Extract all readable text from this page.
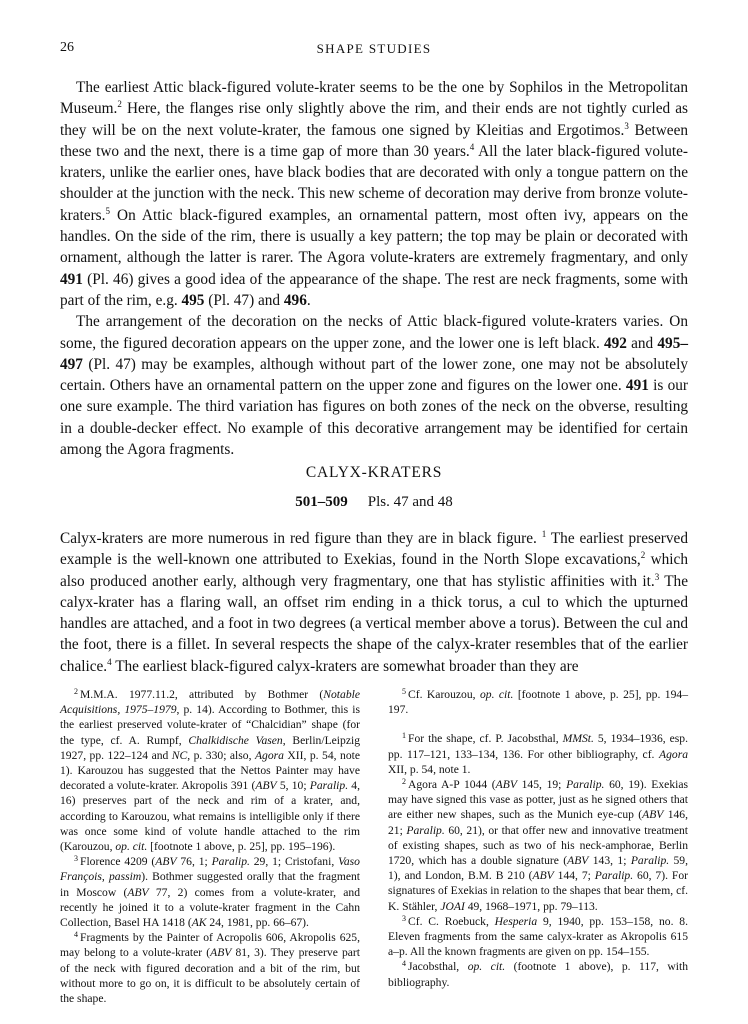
26	SHAPE STUDIES

The earliest Attic black-figured volute-krater seems to be the one by Sophilos in the Metropolitan Museum.$^2$ Here, the flanges rise only slightly above the rim, and their ends are not tightly curled as they will be on the next volute-krater, the famous one signed by Kleitias and Ergotimos.$^3$ Between these two and the next, there is a time gap of more than 30 years.$^4$ All the later black-figured volute-kraters, unlike the earlier ones, have black bodies that are decorated with only a tongue pattern on the shoulder at the junction with the neck. This new scheme of decoration may derive from bronze volute-kraters.$^5$ On Attic black-figured examples, an ornamental pattern, most often ivy, appears on the handles. On the side of the rim, there is usually a key pattern; the top may be plain or decorated with ornament, although the latter is rarer. The Agora volute-kraters are extremely fragmentary, and only 491 (Pl. 46) gives a good idea of the appearance of the shape. The rest are neck fragments, some with part of the rim, e.g. 495 (Pl. 47) and 496.

The arrangement of the decoration on the necks of Attic black-figured volute-kraters varies. On some, the figured decoration appears on the upper zone, and the lower one is left black. 492 and 495–497 (Pl. 47) may be examples, although without part of the lower zone, one may not be absolutely certain. Others have an ornamental pattern on the upper zone and figures on the lower one. 491 is our one sure example. The third variation has figures on both zones of the neck on the obverse, resulting in a double-decker effect. No example of this decorative arrangement may be identified for certain among the Agora fragments.

CALYX-KRATERS
501–509 Pls. 47 and 48

Calyx-kraters are more numerous in red figure than they are in black figure. $^1$ The earliest preserved example is the well-known one attributed to Exekias, found in the North Slope excavations,$^2$ which also produced another early, although very fragmentary, one that has stylistic affinities with it.$^3$ The calyx-krater has a flaring wall, an offset rim ending in a thick torus, a cul to which the upturned handles are attached, and a foot in two degrees (a vertical member above a torus). Between the cul and the foot, there is a fillet. In several respects the shape of the calyx-krater resembles that of the earlier chalice.$^4$ The earliest black-figured calyx-kraters are somewhat broader than they are

$^2$ M.M.A. 1977.11.2, attributed by Bothmer (Notable Acquisitions, 1975–1979, p. 14). According to Bothmer, this is the earliest preserved volute-krater of “Chalcidian” shape (for the type, cf. A. Rumpf, Chalkidische Vasen, Berlin/Leipzig 1927, pp. 122–124 and NC, p. 330; also, Agora XII, p. 54, note 1). Karouzou has suggested that the Nettos Painter may have decorated a volute-krater. Akropolis 391 (ABV 5, 10; Paralip. 4, 16) preserves part of the neck and rim of a krater, and, according to Karouzou, what remains is intelligible only if there was once some kind of volute handle attached to the rim (Karouzou, op. cit. [footnote 1 above, p. 25], pp. 195–196).

$^3$ Florence 4209 (ABV 76, 1; Paralip. 29, 1; Cristofani, Vaso François, passim). Bothmer suggested orally that the fragment in Moscow (ABV 77, 2) comes from a volute-krater, and recently he joined it to a volute-krater fragment in the Cahn Collection, Basel HA 1418 (AK 24, 1981, pp. 66–67).

$^4$ Fragments by the Painter of Acropolis 606, Akropolis 625, may belong to a volute-krater (ABV 81, 3). They preserve part of the neck with figured decoration and a bit of the rim, but without more to go on, it is difficult to be absolutely certain of the shape.

$^5$ Cf. Karouzou, op. cit. [footnote 1 above, p. 25], pp. 194–197.

$^1$ For the shape, cf. P. Jacobsthal, MMSt. 5, 1934–1936, esp. pp. 117–121, 133–134, 136. For other bibliography, cf. Agora XII, p. 54, note 1.

$^2$ Agora A-P 1044 (ABV 145, 19; Paralip. 60, 19). Exekias may have signed this vase as potter, just as he signed others that are either new shapes, such as the Munich eye-cup (ABV 146, 21; Paralip. 60, 21), or that offer new and innovative treatment of existing shapes, such as two of his neck-amphorae, Berlin 1720, which has a double signature (ABV 143, 1; Paralip. 59, 1), and London, B.M. B 210 (ABV 144, 7; Paralip. 60, 7). For signatures of Exekias in relation to the shapes that bear them, cf. K. Stähler, JOAI 49, 1968–1971, pp. 79–113.

$^3$ Cf. C. Roebuck, Hesperia 9, 1940, pp. 153–158, no. 8. Eleven fragments from the same calyx-krater as Akropolis 615 a–p. All the known fragments are given on pp. 154–155.

$^4$ Jacobsthal, op. cit. (footnote 1 above), p. 117, with bibliography.
